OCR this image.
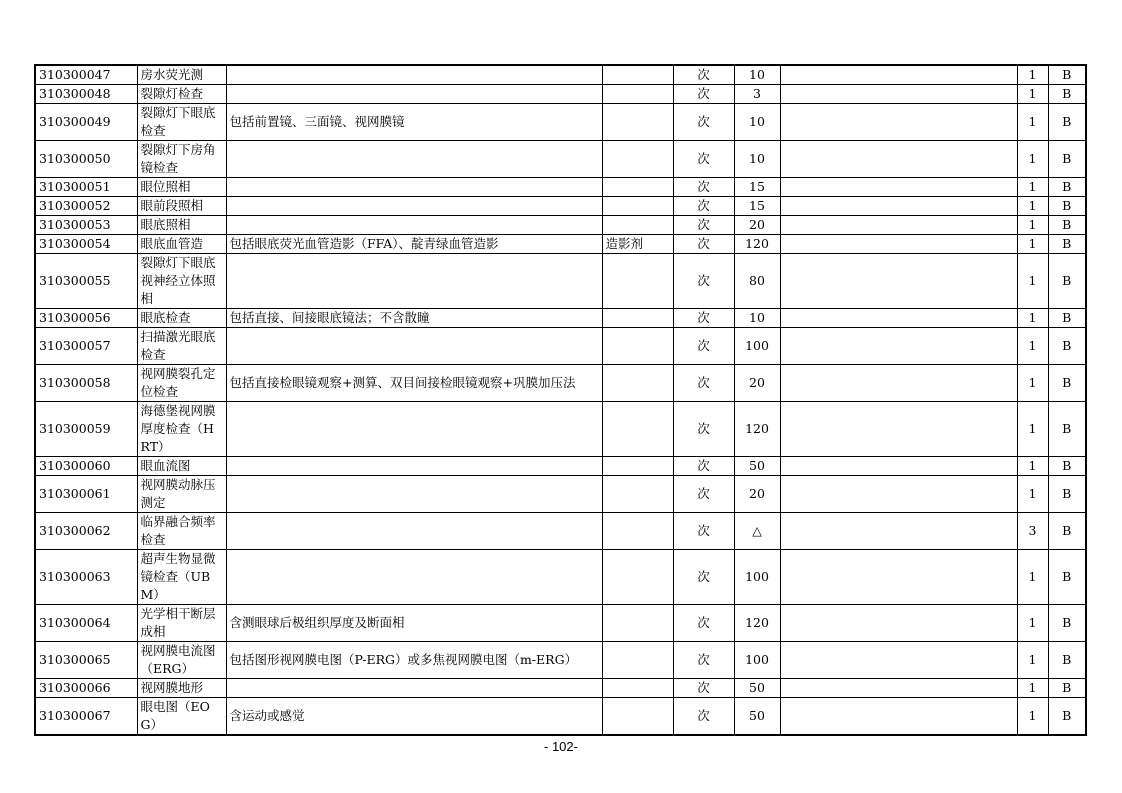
310300047	房水荧光测			次	10		1	B
310300048	裂隙灯检查			次	3		1	B
310300049	裂隙灯下眼底检查	包括前置镜、三面镜、视网膜镜		次	10		1	B
310300050	裂隙灯下房角镜检查			次	10		1	B
310300051	眼位照相			次	15		1	B
310300052	眼前段照相			次	15		1	B
310300053	眼底照相			次	20		1	B
310300054	眼底血管造	包括眼底荧光血管造影（FFA）、靛青绿血管造影	造影剂	次	120		1	B
310300055	裂隙灯下眼底视神经立体照相			次	80		1	B
310300056	眼底检查	包括直接、间接眼底镜法；不含散瞳		次	10		1	B
310300057	扫描激光眼底检查			次	100		1	B
310300058	视网膜裂孔定位检查	包括直接检眼镜观察+测算、双目间接检眼镜观察+巩膜加压法		次	20		1	B
310300059	海德堡视网膜厚度检查（HRT）			次	120		1	B
310300060	眼血流图			次	50		1	B
310300061	视网膜动脉压测定			次	20		1	B
310300062	临界融合频率检查			次	△		3	B
310300063	超声生物显微镜检查（UBM）			次	100		1	B
310300064	光学相干断层成相	含测眼球后极组织厚度及断面相		次	120		1	B
310300065	视网膜电流图（ERG）	包括图形视网膜电图（P-ERG）或多焦视网膜电图（m-ERG）		次	100		1	B
310300066	视网膜地形			次	50		1	B
310300067	眼电图（EOG）	含运动或感觉		次	50		1	B
- 102-
